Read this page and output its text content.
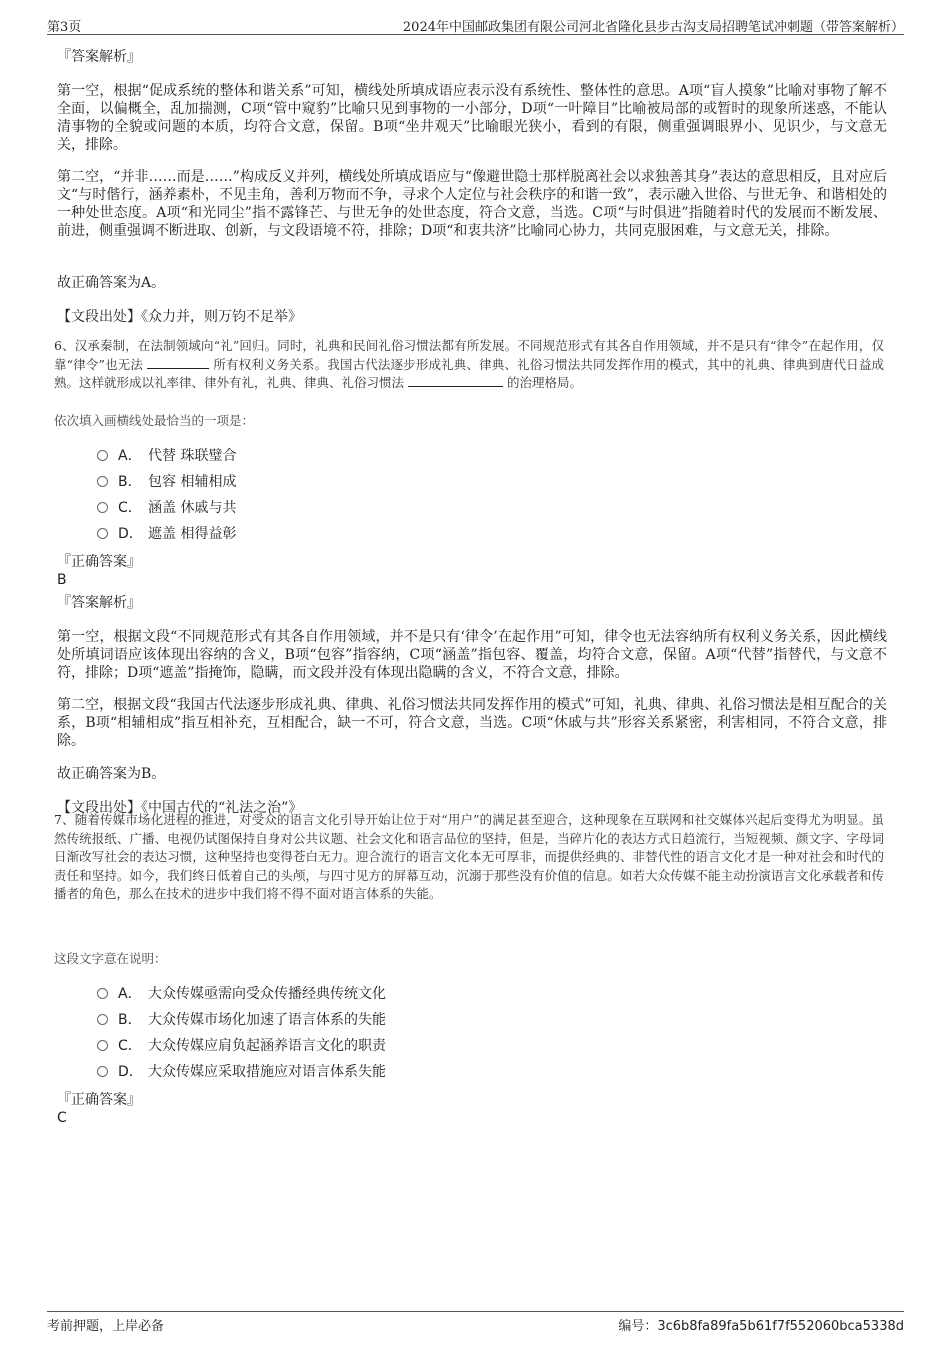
第3页	2024年中国邮政集团有限公司河北省隆化县步古沟支局招聘笔试冲刺题（带答案解析）
『答案解析』
第一空，根据“促成系统的整体和谐关系”可知，横线处所填成语应表示没有系统性、整体性的意思。A项“盲人摸象”比喻对事物了解不全面，以偏概全，乱加揣测，C项“管中窥豹”比喻只见到事物的一小部分，D项“一叶障目”比喻被局部的或暂时的现象所迷惑，不能认清事物的全貌或问题的本质，均符合文意，保留。B项“坐井观天”比喻眼光狭小，看到的有限，侧重强调眼界小、见识少，与文意无关，排除。
第二空，“并非……而是……”构成反义并列，横线处所填成语应与“像避世隐士那样脱离社会以求独善其身”表达的意思相反，且对应后文“与时偕行，涵养素朴，不见圭角，善利万物而不争，寻求个人定位与社会秩序的和谐一致”，表示融入世俗、与世无争、和谐相处的一种处世态度。A项“和光同尘”指不露锋芒、与世无争的处世态度，符合文意，当选。C项“与时俱进”指随着时代的发展而不断发展、前进，侧重强调不断进取、创新，与文段语境不符，排除；D项“和衷共济”比喻同心协力，共同克服困难，与文意无关，排除。
故正确答案为A。
【文段出处】《众力并，则万钧不足举》
6、汉承秦制，在法制领域向“礼”回归。同时，礼典和民间礼俗习惯法都有所发展。不同规范形式有其各自作用领域，并不是只有“律令”在起作用，仅靠“律令”也无法	所有权利义务关系。我国古代法逐步形成礼典、律典、礼俗习惯法共同发挥作用的模式，其中的礼典、律典到唐代日益成熟。这样就形成以礼率律、律外有礼，礼典、律典、礼俗习惯法	的治理格局。
依次填入画横线处最恰当的一项是：
A． 代替 珠联璧合
B． 包容 相辅相成
C． 涵盖 休戚与共
D． 遮盖 相得益彰
『正确答案』
B
『答案解析』
第一空，根据文段“不同规范形式有其各自作用领域，并不是只有‘律令’在起作用”可知，律令也无法容纳所有权利义务关系，因此横线处所填词语应该体现出容纳的含义，B项“包容”指容纳，C项“涵盖”指包容、覆盖，均符合文意，保留。A项“代替”指替代，与文意不符，排除；D项“遮盖”指掩饰，隐瞒，而文段并没有体现出隐瞒的含义，不符合文意，排除。
第二空，根据文段“我国古代法逐步形成礼典、律典、礼俗习惯法共同发挥作用的模式”可知，礼典、律典、礼俗习惯法是相互配合的关系，B项“相辅相成”指互相补充，互相配合，缺一不可，符合文意，当选。C项“休戚与共”形容关系紧密，利害相同，不符合文意，排除。
故正确答案为B。
【文段出处】《中国古代的“礼法之治”》
7、随着传媒市场化进程的推进，对受众的语言文化引导开始让位于对“用户”的满足甚至迎合，这种现象在互联网和社交媒体兴起后变得尤为明显。虽然传统报纸、广播、电视仍试图保持自身对公共议题、社会文化和语言品位的坚持，但是，当碎片化的表达方式日趋流行，当短视频、颜文字、字母词日渐改写社会的表达习惯，这种坚持也变得苍白无力。迎合流行的语言文化本无可厚非，而提供经典的、非替代性的语言文化才是一种对社会和时代的责任和坚持。如今，我们终日低着自己的头颅，与四寸见方的屏幕互动，沉溺于那些没有价值的信息。如若大众传媒不能主动扮演语言文化承载者和传播者的角色，那么在技术的进步中我们将不得不面对语言体系的失能。
这段文字意在说明：
A． 大众传媒亟需向受众传播经典传统文化
B． 大众传媒市场化加速了语言体系的失能
C． 大众传媒应肩负起涵养语言文化的职责
D． 大众传媒应采取措施应对语言体系失能
『正确答案』
C
考前押题，上岸必备	编号：3c6b8fa89fa5b61f7f552060bca5338d
